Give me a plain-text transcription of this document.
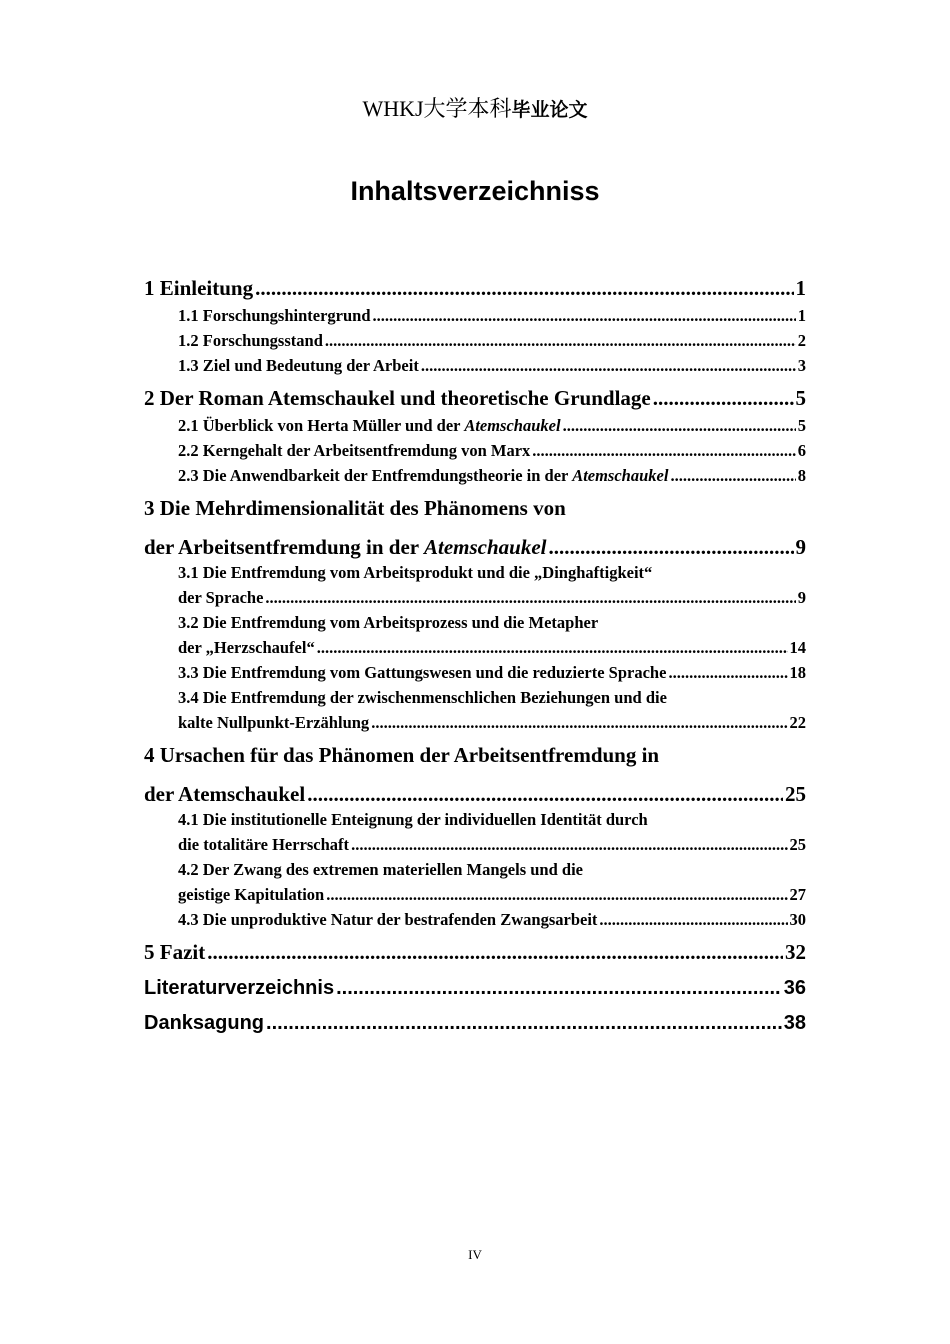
WHKJ大学本科毕业论文
Inhaltsverzeichniss
1 Einleitung .....	1
1.1 Forschungshintergrund .....	1
1.2 Forschungsstand .....	2
1.3 Ziel und Bedeutung der Arbeit .....	3
2 Der Roman Atemschaukel und theoretische Grundlage .....	5
2.1 Überblick von Herta Müller und der Atemschaukel .....	5
2.2 Kerngehalt der Arbeitsentfremdung von Marx .....	6
2.3 Die Anwendbarkeit der Entfremdungstheorie in der Atemschaukel .....	8
3 Die Mehrdimensionalität des Phänomens von
der Arbeitsentfremdung in der Atemschaukel .....	9
3.1 Die Entfremdung vom Arbeitsprodukt und die „Dinghaftigkeit“
der Sprache .....	9
3.2 Die Entfremdung vom Arbeitsprozess und die Metapher
der „Herzschaufel“ .....	14
3.3 Die Entfremdung vom Gattungswesen und die reduzierte Sprache .....	18
3.4 Die Entfremdung der zwischenmenschlichen Beziehungen und die
kalte Nullpunkt-Erzählung .....	22
4 Ursachen für das Phänomen der Arbeitsentfremdung in
der Atemschaukel .....	25
4.1 Die institutionelle Enteignung der individuellen Identität durch
die totalitäre Herrschaft .....	25
4.2 Der Zwang des extremen materiellen Mangels und die
geistige Kapitulation .....	27
4.3 Die unproduktive Natur der bestrafenden Zwangsarbeit .....	30
5 Fazit .....	32
Literaturverzeichnis .....	36
Danksagung .....	38
IV
